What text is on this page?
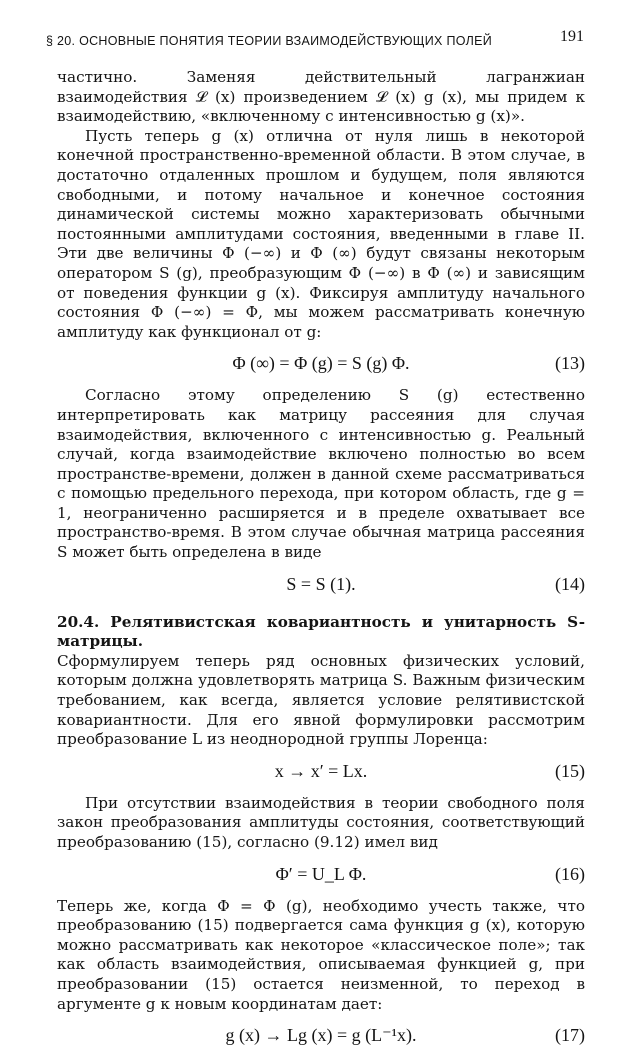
§ 20. ОСНОВНЫЕ ПОНЯТИЯ ТЕОРИИ ВЗАИМОДЕЙСТВУЮЩИХ ПОЛЕЙ	191

частично. Заменяя действительный лагранжиан взаимодействия 𝓛 (x) произведением 𝓛 (x) g (x), мы придем к взаимодействию, «включенному с интенсивностью g (x)».

Пусть теперь g (x) отлична от нуля лишь в некоторой конечной пространственно-временной области. В этом случае, в достаточно отдаленных прошлом и будущем, поля являются свободными, и потому начальное и конечное состояния динамической системы можно характеризовать обычными постоянными амплитудами состояния, введенными в главе II. Эти две величины Φ (−∞) и Φ (∞) будут связаны некоторым оператором S (g), преобразующим Φ (−∞) в Φ (∞) и зависящим от поведения функции g (x). Фиксируя амплитуду начального состояния Φ (−∞) = Φ, мы можем рассматривать конечную амплитуду как функционал от g:

Φ (∞) = Φ (g) = S (g) Φ.	(13)

Согласно этому определению S (g) естественно интерпретировать как матрицу рассеяния для случая взаимодействия, включенного с интенсивностью g. Реальный случай, когда взаимодействие включено полностью во всем пространстве-времени, должен в данной схеме рассматриваться с помощью предельного перехода, при котором область, где g = 1, неограниченно расширяется и в пределе охватывает все пространство-время. В этом случае обычная матрица рассеяния S может быть определена в виде

S = S (1).	(14)

20.4. Релятивистская ковариантность и унитарность S-матрицы.

Сформулируем теперь ряд основных физических условий, которым должна удовлетворять матрица S. Важным физическим требованием, как всегда, является условие релятивистской ковариантности. Для его явной формулировки рассмотрим преобразование L из неоднородной группы Лоренца:

x → x′ = Lx.	(15)

При отсутствии взаимодействия в теории свободного поля закон преобразования амплитуды состояния, соответствующий преобразованию (15), согласно (9.12) имел вид

Φ′ = U_L Φ.	(16)

Теперь же, когда Φ = Φ (g), необходимо учесть также, что преобразованию (15) подвергается сама функция g (x), которую можно рассматривать как некоторое «классическое поле»; так как область взаимодействия, описываемая функцией g, при преобразовании (15) остается неизменной, то переход в аргументе g к новым координатам дает:

g (x) → Lg (x) = g (L⁻¹x).	(17)
